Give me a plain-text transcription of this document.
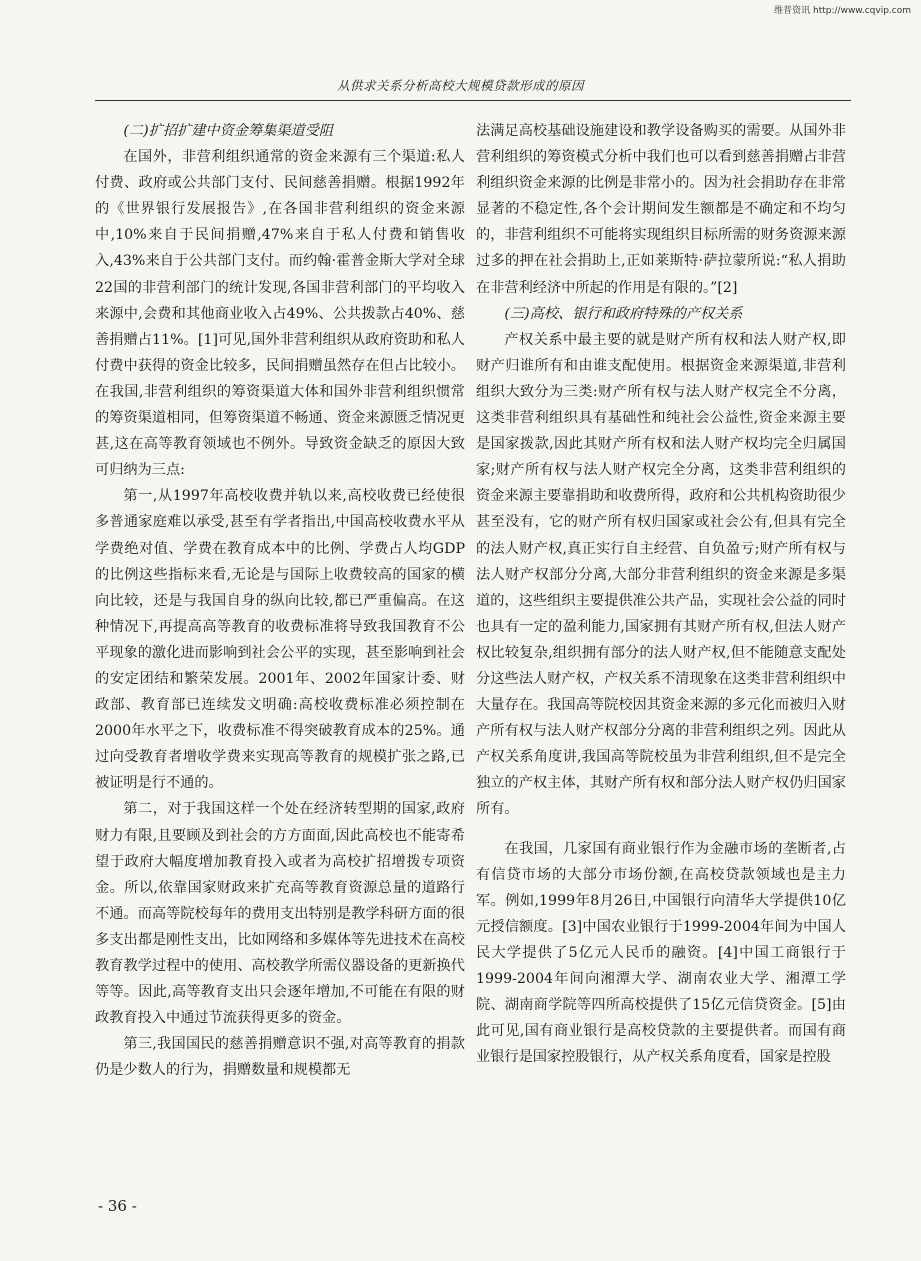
维普资讯 http://www.cqvip.com
从供求关系分析高校大规模贷款形成的原因
(二)扩招扩建中资金筹集渠道受阻

在国外，非营利组织通常的资金来源有三个渠道:私人付费、政府或公共部门支付、民间慈善捐赠。根据1992年的《世界银行发展报告》,在各国非营利组织的资金来源中,10%来自于民间捐赠,47%来自于私人付费和销售收入,43%来自于公共部门支付。而约翰·霍普金斯大学对全球22国的非营利部门的统计发现,各国非营利部门的平均收入来源中,会费和其他商业收入占49%、公共拨款占40%、慈善捐赠占11%。[1]可见,国外非营利组织从政府资助和私人付费中获得的资金比较多，民间捐赠虽然存在但占比较小。在我国,非营利组织的筹资渠道大体和国外非营利组织惯常的筹资渠道相同，但筹资渠道不畅通、资金来源匮乏情况更甚,这在高等教育领域也不例外。导致资金缺乏的原因大致可归纳为三点:

第一,从1997年高校收费并轨以来,高校收费已经使很多普通家庭难以承受,甚至有学者指出,中国高校收费水平从学费绝对值、学费在教育成本中的比例、学费占人均GDP的比例这些指标来看,无论是与国际上收费较高的国家的横向比较，还是与我国自身的纵向比较,都已严重偏高。在这种情况下,再提高高等教育的收费标准将导致我国教育不公平现象的激化进而影响到社会公平的实现，甚至影响到社会的安定团结和繁荣发展。2001年、2002年国家计委、财政部、教育部已连续发文明确:高校收费标准必须控制在2000年水平之下，收费标准不得突破教育成本的25%。通过向受教育者增收学费来实现高等教育的规模扩张之路,已被证明是行不通的。

第二，对于我国这样一个处在经济转型期的国家,政府财力有限,且要顾及到社会的方方面面,因此高校也不能寄希望于政府大幅度增加教育投入或者为高校扩招增拨专项资金。所以,依靠国家财政来扩充高等教育资源总量的道路行不通。而高等院校每年的费用支出特别是教学科研方面的很多支出都是刚性支出，比如网络和多媒体等先进技术在高校教育教学过程中的使用、高校教学所需仪器设备的更新换代等等。因此,高等教育支出只会逐年增加,不可能在有限的财政教育投入中通过节流获得更多的资金。

第三,我国国民的慈善捐赠意识不强,对高等教育的捐款仍是少数人的行为，捐赠数量和规模都无

法满足高校基础设施建设和教学设备购买的需要。从国外非营利组织的筹资模式分析中我们也可以看到慈善捐赠占非营利组织资金来源的比例是非常小的。因为社会捐助存在非常显著的不稳定性,各个会计期间发生额都是不确定和不均匀的，非营利组织不可能将实现组织目标所需的财务资源来源过多的押在社会捐助上,正如莱斯特·萨拉蒙所说:“私人捐助在非营利经济中所起的作用是有限的。”[2]

(三)高校、银行和政府特殊的产权关系

产权关系中最主要的就是财产所有权和法人财产权,即财产归谁所有和由谁支配使用。根据资金来源渠道,非营利组织大致分为三类:财产所有权与法人财产权完全不分离，这类非营利组织具有基础性和纯社会公益性,资金来源主要是国家拨款,因此其财产所有权和法人财产权均完全归属国家;财产所有权与法人财产权完全分离，这类非营利组织的资金来源主要靠捐助和收费所得，政府和公共机构资助很少甚至没有，它的财产所有权归国家或社会公有,但具有完全的法人财产权,真正实行自主经营、自负盈亏;财产所有权与法人财产权部分分离,大部分非营利组织的资金来源是多渠道的，这些组织主要提供准公共产品，实现社会公益的同时也具有一定的盈利能力,国家拥有其财产所有权,但法人财产权比较复杂,组织拥有部分的法人财产权,但不能随意支配处分这些法人财产权，产权关系不清现象在这类非营利组织中大量存在。我国高等院校因其资金来源的多元化而被归入财产所有权与法人财产权部分分离的非营利组织之列。因此从产权关系角度讲,我国高等院校虽为非营利组织,但不是完全独立的产权主体，其财产所有权和部分法人财产权仍归国家所有。

在我国，几家国有商业银行作为金融市场的垄断者,占有信贷市场的大部分市场份额,在高校贷款领域也是主力军。例如,1999年8月26日,中国银行向清华大学提供10亿元授信额度。[3]中国农业银行于1999-2004年间为中国人民大学提供了5亿元人民币的融资。[4]中国工商银行于1999-2004年间向湘潭大学、湖南农业大学、湘潭工学院、湖南商学院等四所高校提供了15亿元信贷资金。[5]由此可见,国有商业银行是高校贷款的主要提供者。而国有商业银行是国家控股银行，从产权关系角度看，国家是控股

- 36 -
